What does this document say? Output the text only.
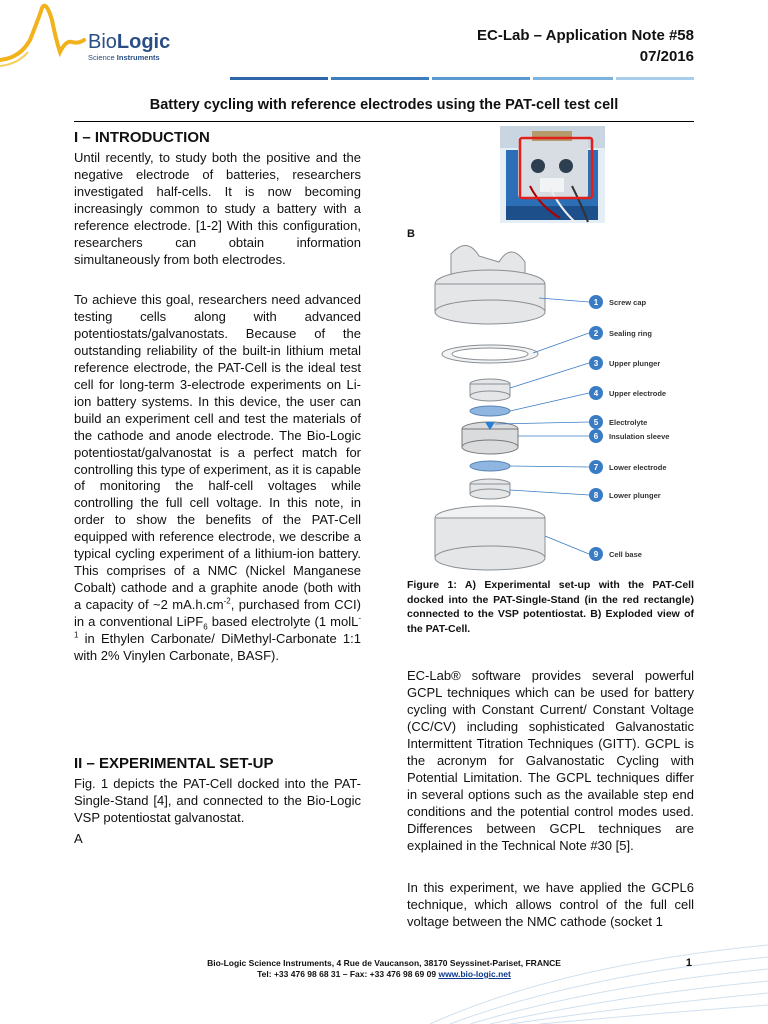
BioLogic
Science Instruments
EC-Lab – Application Note #58
07/2016
Battery cycling with reference electrodes using the PAT-cell test cell
I – INTRODUCTION
Until recently, to study both the positive and the negative electrode of batteries, researchers investigated half-cells. It is now becoming increasingly common to study a battery with a reference electrode. [1-2] With this configuration, researchers can obtain information simultaneously from both electrodes.
To achieve this goal, researchers need advanced testing cells along with advanced potentiostats/galvanostats. Because of the outstanding reliability of the built-in lithium metal reference electrode, the PAT-Cell is the ideal test cell for long-term 3-electrode experiments on Li-ion battery systems. In this device, the user can build an experiment cell and test the materials of the cathode and anode electrode. The Bio-Logic potentiostat/galvanostat is a perfect match for controlling this type of experiment, as it is capable of monitoring the half-cell voltages while controlling the full cell voltage. In this note, in order to show the benefits of the PAT-Cell equipped with reference electrode, we describe a typical cycling experiment of a lithium-ion battery. This comprises of a NMC (Nickel Manganese Cobalt) cathode and a graphite anode (both with a capacity of ~2 $mA.h.cm^{-2}$, purchased from CCI) in a conventional LiPF$_6$ based electrolyte (1 molL$^{-1}$ in Ethylen Carbonate/ DiMethyl-Carbonate 1:1 with 2% Vinylen Carbonate, BASF).
II – EXPERIMENTAL SET-UP
Fig. 1 depicts the PAT-Cell docked into the PAT-Single-Stand [4], and connected to the Bio-Logic VSP potentiostat galvanostat.
A
B
1
2
3
4
5
6
7
8
9
Screw cap
Sealing ring
Upper plunger
Upper electrode
Electrolyte
Insulation sleeve
Lower electrode
Lower plunger
Cell base
Figure 1: A) Experimental set-up with the PAT-Cell docked into the PAT-Single-Stand (in the red rectangle) connected to the VSP potentiostat. B) Exploded view of the PAT-Cell.
EC-Lab® software provides several powerful GCPL techniques which can be used for battery cycling with Constant Current/ Constant Voltage (CC/CV) including sophisticated Galvanostatic Intermittent Titration Techniques (GITT). GCPL is the acronym for Galvanostatic Cycling with Potential Limitation. The GCPL techniques differ in several options such as the available step end conditions and the potential control modes used. Differences between GCPL techniques are explained in the Technical Note #30 [5].
In this experiment, we have applied the GCPL6 technique, which allows control of the full cell voltage between the NMC cathode (socket 1
Bio-Logic Science Instruments, 4 Rue de Vaucanson, 38170 Seyssinet-Pariset, FRANCE
Tel: +33 476 98 68 31 – Fax: +33 476 98 69 09 www.bio-logic.net
1
